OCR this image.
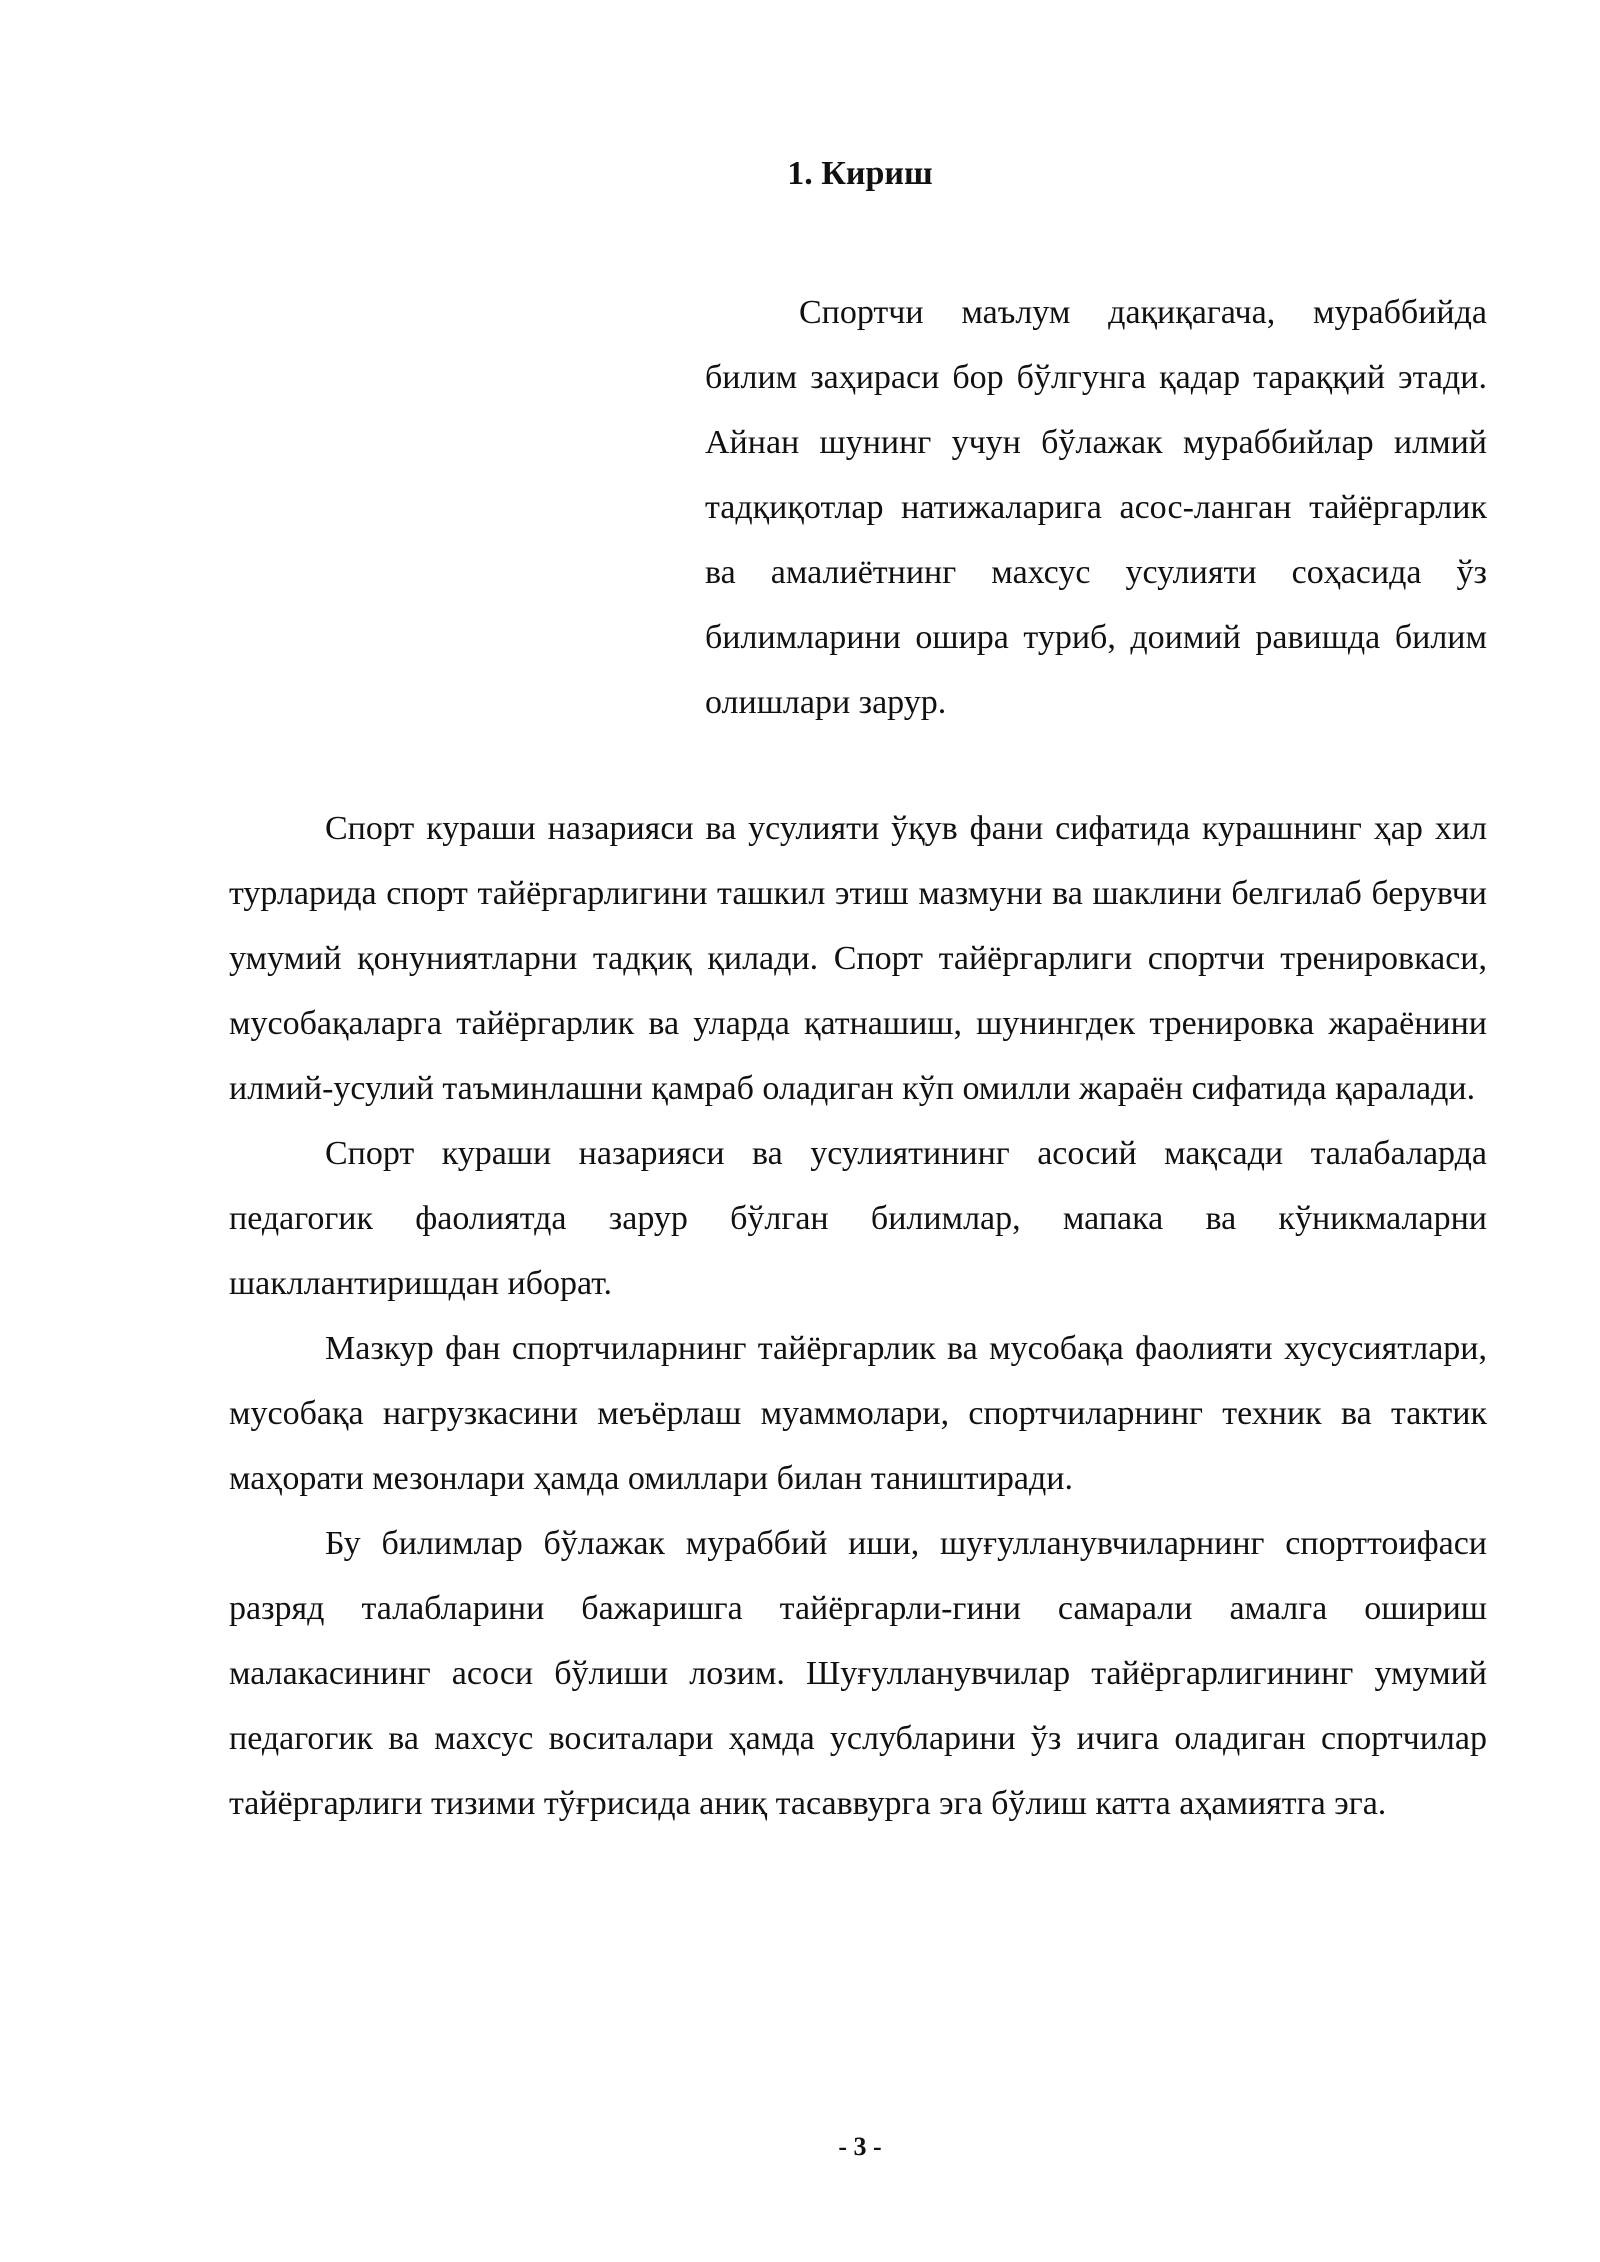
1. Кириш
Спортчи маълум дақиқагача, мураббийда билим заҳираси бор бўлгунга қадар тараққий этади. Айнан шунинг учун бўлажак мураббийлар илмий тадқиқотлар натижаларига асос-ланган тайёргарлик ва амалиётнинг махсус усулияти соҳасида ўз билимларини ошира туриб, доимий равишда билим олишлари зарур.

Спорт кураши назарияси ва усулияти ўқув фани сифатида курашнинг ҳар хил турларида спорт тайёргарлигини ташкил этиш мазмуни ва шаклини белгилаб берувчи умумий қонуниятларни тадқиқ қилади. Спорт тайёргарлиги спортчи тренировкаси, мусобақаларга тайёргарлик ва уларда қатнашиш, шунингдек тренировка жараёнини илмий-усулий таъминлашни қамраб оладиган кўп омилли жараён сифатида қаралади.

Спорт кураши назарияси ва усулиятининг асосий мақсади талабаларда педагогик фаолиятда зарур бўлган билимлар, мапака ва кўникмаларни шакллантиришдан иборат.

Мазкур фан спортчиларнинг тайёргарлик ва мусобақа фаолияти хусусиятлари, мусобақа нагрузкасини меъёрлаш муаммолари, спортчиларнинг техник ва тактик маҳорати мезонлари ҳамда омиллари билан таништиради.

Бу билимлар бўлажак мураббий иши, шуғулланувчиларнинг спорттоифаси разряд талабларини бажаришга тайёргарли-гини самарали амалга ошириш малакасининг асоси бўлиши лозим. Шуғулланувчилар тайёргарлигининг умумий педагогик ва махсус воситалари ҳамда услубларини ўз ичига оладиган спортчилар тайёргарлиги тизими тўғрисида аниқ тасаввурга эга бўлиш катта аҳамиятга эга.

- 3 -
